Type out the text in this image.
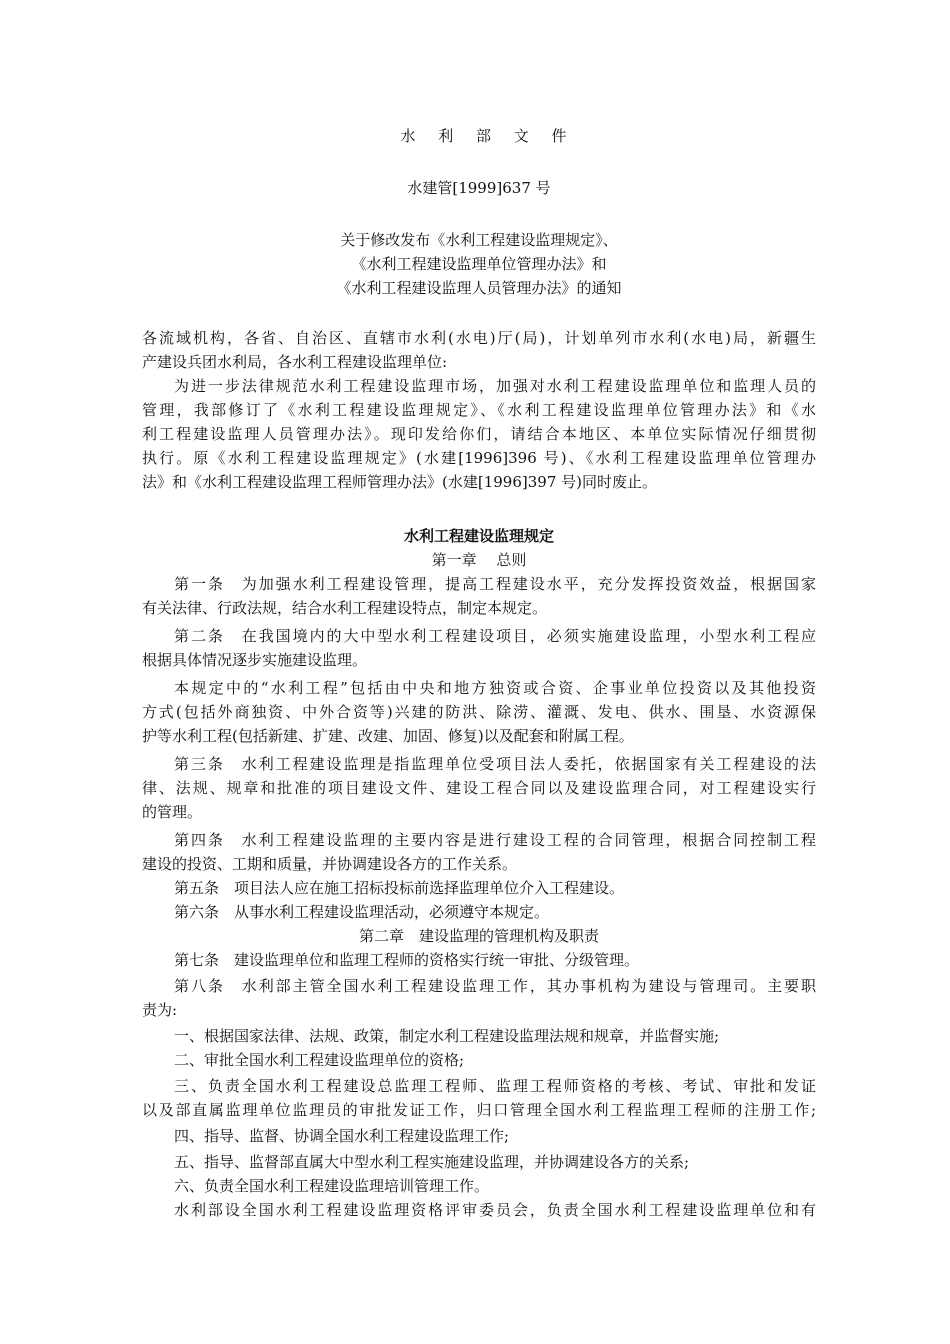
水 利 部 文 件
水建管[1999]637 号
关于修改发布《水利工程建设监理规定》、
《水利工程建设监理单位管理办法》和
《水利工程建设监理人员管理办法》的通知
各流域机构，各省、自治区、直辖市水利(水电)厅(局)，计划单列市水利(水电)局，新疆生
产建设兵团水利局，各水利工程建设监理单位:
为进一步法律规范水利工程建设监理市场，加强对水利工程建设监理单位和监理人员的
管理，我部修订了《水利工程建设监理规定》、《水利工程建设监理单位管理办法》和《水
利工程建设监理人员管理办法》。现印发给你们，请结合本地区、本单位实际情况仔细贯彻
执行。原《水利工程建设监理规定》(水建[1996]396 号)、《水利工程建设监理单位管理办
法》和《水利工程建设监理工程师管理办法》(水建[1996]397 号)同时废止。
水利工程建设监理规定
第一章　 总则
第一条　为加强水利工程建设管理，提高工程建设水平，充分发挥投资效益，根据国家
有关法律、行政法规，结合水利工程建设特点，制定本规定。
第二条　在我国境内的大中型水利工程建设项目，必须实施建设监理，小型水利工程应
根据具体情况逐步实施建设监理。
本规定中的“水利工程”包括由中央和地方独资或合资、企事业单位投资以及其他投资
方式(包括外商独资、中外合资等)兴建的防洪、除涝、灌溉、发电、供水、围垦、水资源保
护等水利工程(包括新建、扩建、改建、加固、修复)以及配套和附属工程。
第三条　水利工程建设监理是指监理单位受项目法人委托，依据国家有关工程建设的法
律、法规、规章和批准的项目建设文件、建设工程合同以及建设监理合同，对工程建设实行
的管理。
第四条　水利工程建设监理的主要内容是进行建设工程的合同管理，根据合同控制工程
建设的投资、工期和质量，并协调建设各方的工作关系。
第五条　项目法人应在施工招标投标前选择监理单位介入工程建设。
第六条　从事水利工程建设监理活动，必须遵守本规定。
第二章　建设监理的管理机构及职责
第七条　建设监理单位和监理工程师的资格实行统一审批、分级管理。
第八条　水利部主管全国水利工程建设监理工作，其办事机构为建设与管理司。主要职
责为:
一、根据国家法律、法规、政策，制定水利工程建设监理法规和规章，并监督实施;
二、审批全国水利工程建设监理单位的资格;
三、负责全国水利工程建设总监理工程师、监理工程师资格的考核、考试、审批和发证
以及部直属监理单位监理员的审批发证工作，归口管理全国水利工程监理工程师的注册工作;
四、指导、监督、协调全国水利工程建设监理工作;
五、指导、监督部直属大中型水利工程实施建设监理，并协调建设各方的关系;
六、负责全国水利工程建设监理培训管理工作。
水利部设全国水利工程建设监理资格评审委员会，负责全国水利工程建设监理单位和有
